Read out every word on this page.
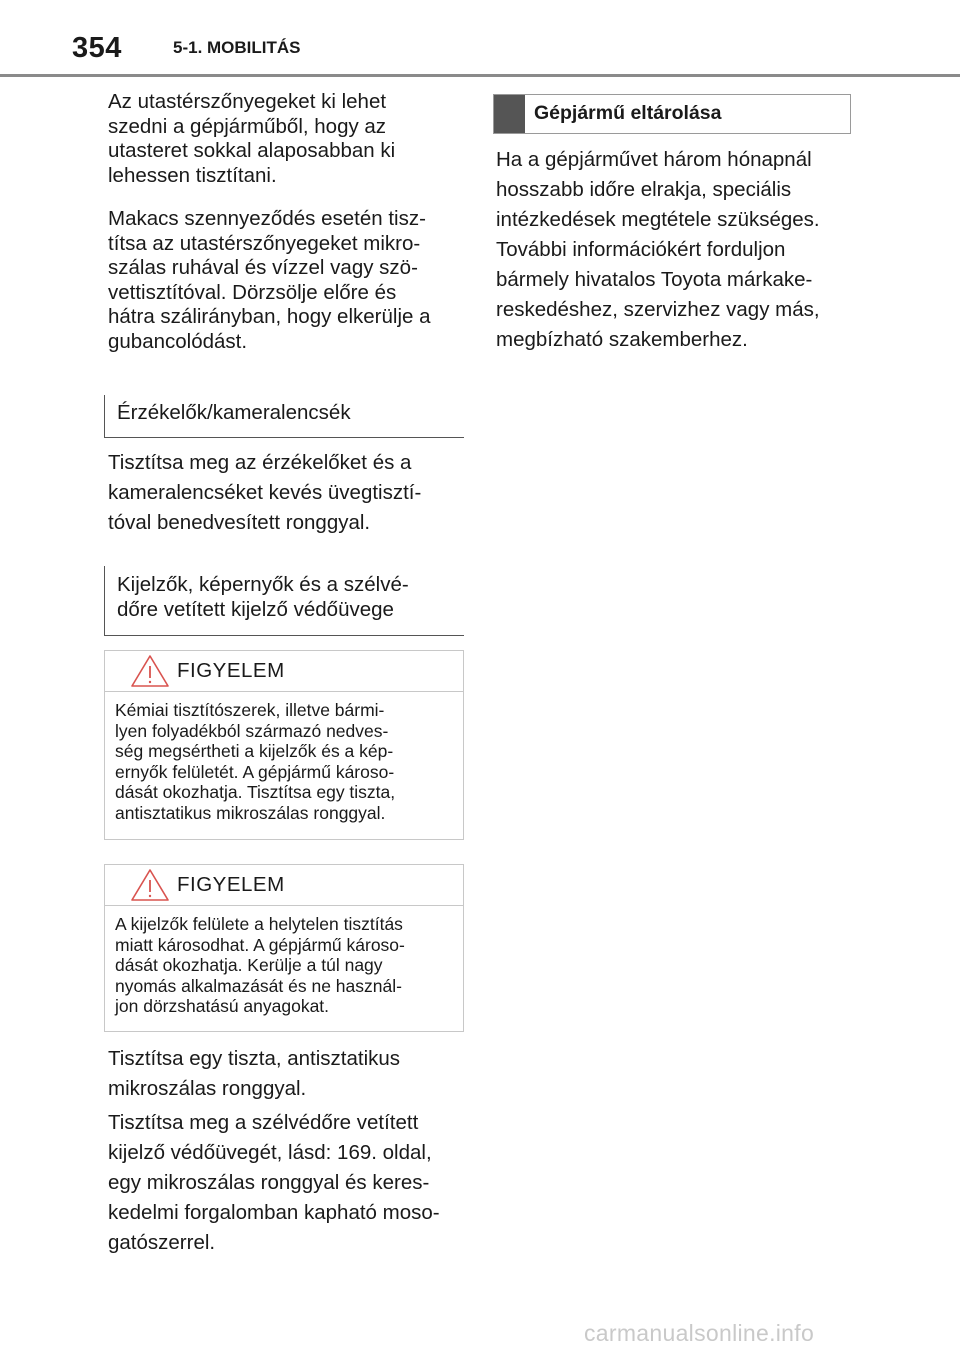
354	5-1. MOBILITÁS

Az utastérszőnyegeket ki lehet

szedni a gépjárműből, hogy az

utasteret sokkal alaposabban ki

lehessen tisztítani.

Makacs szennyeződés esetén tisz-

títsa az utastérszőnyegeket mikro-

szálas ruhával és vízzel vagy szö-

vettisztítóval. Dörzsölje előre és

hátra szálirányban, hogy elkerülje a

gubancolódást.

Érzékelők/kameralencsék

Tisztítsa meg az érzékelőket és a

kameralencséket kevés üvegtisztí-

tóval benedvesített ronggyal.

Kijelzők, képernyők és a szélvé-
dőre vetített kijelző védőüvege
FIGYELEM
Kémiai tisztítószerek, illetve bármi-
lyen folyadékból származó nedves-
ség megsértheti a kijelzők és a kép-
ernyők felületét. A gépjármű károso-
dását okozhatja. Tisztítsa egy tiszta,
antisztatikus mikroszálas ronggyal.
FIGYELEM
A kijelzők felülete a helytelen tisztítás
miatt károsodhat. A gépjármű károso-
dását okozhatja. Kerülje a túl nagy
nyomás alkalmazását és ne használ-
jon dörzshatású anyagokat.

Tisztítsa egy tiszta, antisztatikus

mikroszálas ronggyal.

Tisztítsa meg a szélvédőre vetített

kijelző védőüvegét, lásd: 169. oldal,

egy mikroszálas ronggyal és keres-

kedelmi forgalomban kapható moso-

gatószerrel.

Gépjármű eltárolása

Ha a gépjárművet három hónapnál

hosszabb időre elrakja, speciális

intézkedések megtétele szükséges.

További információkért forduljon

bármely hivatalos Toyota márkake-

reskedéshez, szervizhez vagy más,

megbízható szakemberhez.

carmanualsonline.info
